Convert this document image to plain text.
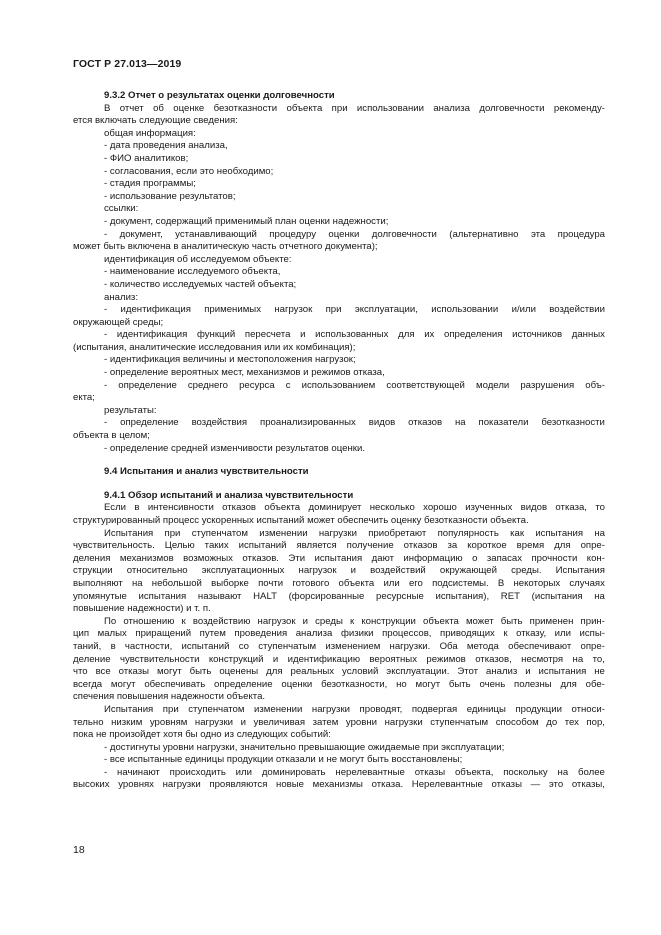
ГОСТ Р 27.013—2019
9.3.2 Отчет о результатах оценки долговечности
В отчет об оценке безотказности объекта при использовании анализа долговечности рекоменду-
ется включать следующие сведения:
общая информация:
- дата проведения анализа,
- ФИО аналитиков;
- согласования, если это необходимо;
- стадия программы;
- использование результатов;
ссылки:
- документ, содержащий применимый план оценки надежности;
- документ, устанавливающий процедуру оценки долговечности (альтернативно эта процедура
может быть включена в аналитическую часть отчетного документа);
идентификация об исследуемом объекте:
- наименование исследуемого объекта,
- количество исследуемых частей объекта;
анализ:
- идентификация применимых нагрузок при эксплуатации, использовании и/или воздействии
окружающей среды;
- идентификация функций пересчета и использованных для их определения источников данных
(испытания, аналитические исследования или их комбинация);
- идентификация величины и местоположения нагрузок;
- определение вероятных мест, механизмов и режимов отказа,
- определение среднего ресурса с использованием соответствующей модели разрушения объ-
екта;
результаты:
- определение воздействия проанализированных видов отказов на показатели безотказности
объекта в целом;
- определение средней изменчивости результатов оценки.
9.4 Испытания и анализ чувствительности
9.4.1 Обзор испытаний и анализа чувствительности
Если в интенсивности отказов объекта доминирует несколько хорошо изученных видов отказа, то
структурированный процесс ускоренных испытаний может обеспечить оценку безотказности объекта.
Испытания при ступенчатом изменении нагрузки приобретают популярность как испытания на
чувствительность. Целью таких испытаний является получение отказов за короткое время для опре-
деления механизмов возможных отказов. Эти испытания дают информацию о запасах прочности кон-
струкции относительно эксплуатационных нагрузок и воздействий окружающей среды. Испытания
выполняют на небольшой выборке почти готового объекта или его подсистемы. В некоторых случаях
упомянутые испытания называют HALT (форсированные ресурсные испытания), RET (испытания на
повышение надежности) и т. п.
По отношению к воздействию нагрузок и среды к конструкции объекта может быть применен прин-
цип малых приращений путем проведения анализа физики процессов, приводящих к отказу, или испы-
таний, в частности, испытаний со ступенчатым изменением нагрузки. Оба метода обеспечивают опре-
деление чувствительности конструкций и идентификацию вероятных режимов отказов, несмотря на то,
что все отказы могут быть оценены для реальных условий эксплуатации. Этот анализ и испытания не
всегда могут обеспечивать определение оценки безотказности, но могут быть очень полезны для обе-
спечения повышения надежности объекта.
Испытания при ступенчатом изменении нагрузки проводят, подвергая единицы продукции относи-
тельно низким уровням нагрузки и увеличивая затем уровни нагрузки ступенчатым способом до тех пор,
пока не произойдет хотя бы одно из следующих событий:
- достигнуты уровни нагрузки, значительно превышающие ожидаемые при эксплуатации;
- все испытанные единицы продукции отказали и не могут быть восстановлены;
- начинают происходить или доминировать нерелевантные отказы объекта, поскольку на более
высоких уровнях нагрузки проявляются новые механизмы отказа. Нерелевантные отказы — это отказы,
18
